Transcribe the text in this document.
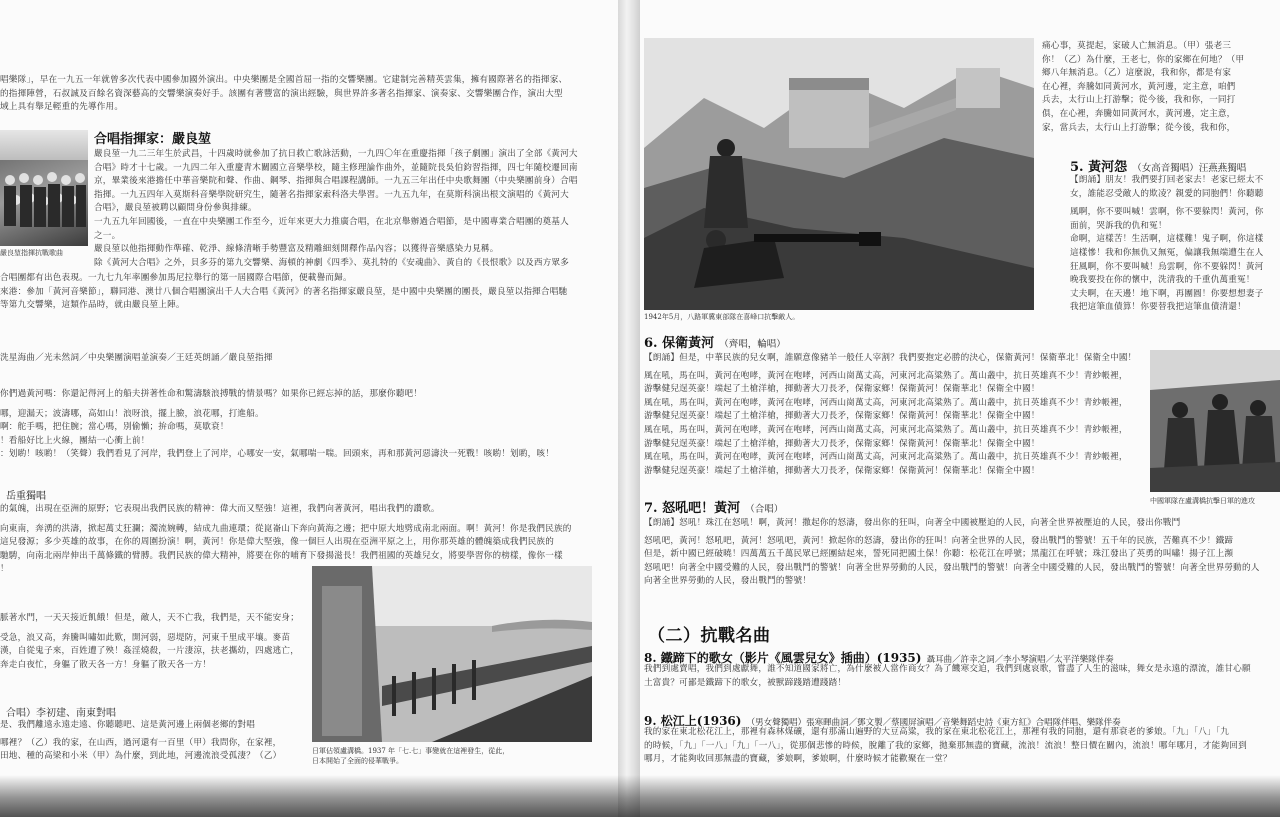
唱樂隊」，早在一九五一年就曾多次代表中國參加國外演出。中央樂團是全國首屈一指的交響樂團。它建制完善精英雲集，擁有國際著名的指揮家、
的指揮陣營，石叔誠及百餘名資深藝高的交響樂演奏好手。該團有著豐富的演出經驗，與世界許多著名指揮家、演奏家、交響樂團合作，演出大型
域上具有舉足輕重的先導作用。
嚴良堃指揮抗戰歌曲
合唱指揮家：嚴良堃
嚴良堃一九二三年生於武昌，十四歲時就參加了抗日救亡歌詠活動，一九四〇年在重慶指揮「孩子劇團」演出了全部《黃河大
合唱》時才十七歲。一九四二年入重慶青木關國立音樂學校，隨主修理論作曲外，並隨院長吳伯鈞習指揮，四七年隨校遷回南
京，畢業後來港擔任中華音樂院和聲、作曲、鋼琴、指揮與合唱課程講師。一九五三年出任中央歌舞團（中央樂團前身）合唱
指揮。一九五四年入莫斯科音樂學院研究生，隨著名指揮家索科洛夫學習。一九五九年，在莫斯科演出根文演唱的《黃河大
合唱》，嚴良堃被聘以顧問身份參與排練。
一九五九年回國後，一直在中央樂團工作至今，近年來更大力推廣合唱，在北京舉辦過合唱節，是中國專業合唱團的奠基人
之一。
嚴良堃以他指揮動作準確、乾淨、線條清晰手勢豐富及精雕細刻開釋作品內容；以獲得音樂感染力見稱。
除《黃河大合唱》之外，貝多芬的第九交響樂、海頓的神劇《四季》、莫扎特的《安魂曲》、黃自的《長恨歌》以及西方眾多
合唱團都有出色表現。一九七九年率團參加馬尼拉舉行的第一屆國際合唱節，便載譽而歸。
來港：參加「黃河音樂節」，聯同港、澳廿八個合唱團演出千人大合唱《黃河》的著名指揮家嚴良堃，是中國中央樂團的團長，嚴良堃以指揮合唱馳
等第九交響樂，這類作品時，就由嚴良堃上陣。
洗星海曲／光未然詞／中央樂團演唱並演奏／王廷英朗誦／嚴良堃指揮
你們過黃河嗎：你還記得河上的船夫拼著性命和驚濤駭浪搏戰的情景嗎？如果你已經忘掉的話，那麼你聽吧！
哪，迎漏天；波濤哪，高如山！浪呀浪，擺上臉，浪花哪，打進船。
啊：舵手嗎，把住腕；當心嗎，別偷懶；拚命嗎，莫歇衰！
！看船好比上火線，團結一心衝上前！
：划喲！咳喲！（笑聲）我們看見了河岸，我們登上了河岸，心哪安一安，氣哪喘一喘。回頭來，再和那黃河惡濤決一死戰！咳喲！划喲，咳！
岳重獨唱
的氣魄，出現在亞洲的原野；它表現出我們民族的精神：偉大而又堅強！這裡，我們向著黃河，唱出我們的讚歌。
向東南，奔湧的洪濤，掀起萬丈狂瀾；濁流婉轉，結成九曲連環；從崑崙山下奔向黃海之邊；把中原大地劈成南北兩面。啊！黃河！你是我們民族的
這兒發源；多少英雄的故事，在你的周圍扮演！啊，黃河！你是偉大堅強，像一個巨人出現在亞洲平原之上，用你那英雄的體魄築成我們民族的
馳騁，向南北兩岸伸出千萬條鐵的臂膊。我們民族的偉大精神，將要在你的哺育下發揚滋長！我們祖國的英雄兒女，將要學習你的榜樣，像你一樣
！
脈著水門，一天天接近飢餓！但是，敵人，天不亡我，我們是，天不能安身；
受急，浪又高，奔騰叫嘯如此歎，開河弱，惡堤防，河東千里成平壤。麥苗
漢，自從鬼子來，百姓遭了殃！姦淫燒殺，一片淒涼，扶老攜幼，四處逃亡，
奔走白夜忙，身軀了散天各一方！身軀了散天各一方！
合唱）李初建、南東對唱
是、我們離遠永遠走遠、你聽聽吧、這是黃河邊上兩個老鄉的對唱
哪裡？（乙）我的家，在山西，過河還有一百里（甲）我問你，在家裡，
田地、種的高梁和小米（甲）為什麼，到此地，河邊流浪受孤淒？（乙）
日軍佔領盧溝橋。1937 年「七.七」事變就在這裡發生，從此，
日本開始了全面的侵華戰爭。
1942年5月，八路軍冀東部隊在喜峰口抗擊敵人。
痛心事，莫提起，家破人亡無消息。（甲）張老三
你！（乙）為什麼，王老七，你的家鄉在何地？（甲
鄉八年無消息。（乙）這麼說，我和你，都是有家
在心裡，奔騰如同黃河水，黃河邊，定主意，咱們
兵去，太行山上打游擊；從今後，我和你，一同打
俱，在心裡，奔騰如同黃河水，黃河邊，定主意，
家，當兵去，太行山上打游擊；從今後，我和你，
5. 黃河怨 （女高音獨唱）汪燕燕獨唱
【朗誦】朋友！我們要打回老家去！老家已經太不
女，誰能忍受敵人的欺凌？親愛的同胞們！你聽聽
風啊，你不要叫喊！雲啊，你不要躲閃！黃河，你
面前，哭訴我的仇和冤！
命啊，這樣苦！生活啊，這樣難！鬼子啊，你這樣
這樣慘！我和你無仇又無冤，偏讓我無端遭生在人
狂風啊，你不要叫喊！烏雲啊，你不要躲閃！黃河
晚我要投在你的懷中，洗清我的千重仇萬重冤！
丈夫啊，在天邊！地下啊，再團圓！你要想想妻子
我把這筆血債算！你要替我把這筆血債清還！
6. 保衛黃河 （齊唱，輪唱）
【朗誦】但是，中華民族的兒女啊，誰願意像豬羊一般任人宰割？我們要抱定必勝的決心，保衛黃河！保衛華北！保衛全中國！
風在吼，馬在叫，黃河在咆哮，黃河在咆哮，河西山崗萬丈高，河東河北高粱熟了。萬山叢中，抗日英雄真不少！青紗帳裡，
游擊健兒逞英豪！端起了土槍洋槍，揮動著大刀長矛，保衛家鄉！保衛黃河！保衛華北！保衛全中國！
風在吼，馬在叫，黃河在咆哮，黃河在咆哮，河西山崗萬丈高，河東河北高粱熟了。萬山叢中，抗日英雄真不少！青紗帳裡，
游擊健兒逞英豪！端起了土槍洋槍，揮動著大刀長矛，保衛家鄉！保衛黃河！保衛華北！保衛全中國！
風在吼，馬在叫，黃河在咆哮，黃河在咆哮，河西山崗萬丈高，河東河北高粱熟了。萬山叢中，抗日英雄真不少！青紗帳裡，
游擊健兒逞英豪！端起了土槍洋槍，揮動著大刀長矛，保衛家鄉！保衛黃河！保衛華北！保衛全中國！
風在吼，馬在叫，黃河在咆哮，黃河在咆哮，河西山崗萬丈高，河東河北高粱熟了。萬山叢中，抗日英雄真不少！青紗帳裡，
游擊健兒逞英豪！端起了土槍洋槍，揮動著大刀長矛，保衛家鄉！保衛黃河！保衛華北！保衛全中國！
中國軍隊在盧溝橋抗擊日軍的進攻
7. 怒吼吧！黃河 （合唱）
【朗誦】怒吼！珠江在怒吼！啊，黃河！撒起你的怒濤，發出你的狂叫，向著全中國被壓迫的人民，向著全世界被壓迫的人民，發出你戰鬥
怒吼吧，黃河！怒吼吧，黃河！怒吼吧，黃河！掀起你的怒濤，發出你的狂叫！向著全世界的人民，發出戰鬥的警號！五千年的民族，苦難真不少！鐵蹄
但是，新中國已經破曉！四萬萬五千萬民眾已經團結起來，誓死同把國土保！你聽：松花江在呼號；黑龍江在呼號；珠江發出了英勇的叫嘯！揚子江上瀕
怒吼吧！向著全中國受難的人民，發出戰鬥的警號！向著全世界勞動的人民，發出戰鬥的警號！向著全中國受難的人民，發出戰鬥的警號！向著全世界勞動的人
向著全世界勞動的人民，發出戰鬥的警號！
（二）抗戰名曲
8. 鐵蹄下的歌女（影片《風雲兒女》插曲）(1935) 聶耳曲／許幸之詞／李小琴演唱／太平洋樂隊伴奏
我們到處賣唱，我們到處獻舞，誰不知道國家將亡，為什麼被人當作商女？為了饑寒交迫，我們到處哀歌，嘗盡了人生的滋味，舞女是永遠的漂流，誰甘心願
土富貴？可鄙是鐵蹄下的歌女，被獸蹄踐踏遭踐踏！
9. 松江上(1936) （男女聲獨唱）張寒暉曲詞／鄧文製／蔡國屏演唱／音樂舞蹈史詩《東方紅》合唱隊伴唱、樂隊伴奏
我的家在東北松花江上，那裡有森林煤礦，還有那滿山遍野的大豆高粱，我的家在東北松花江上，那裡有我的同胞，還有那衰老的爹娘。「九」「八」「九
的時候，「九」「一八」「九」「一八」，從那個悲慘的時候，脫離了我的家鄉，拋棄那無盡的寶藏，流浪！流浪！整日價在關內，流浪！哪年哪月，才能夠回到
哪月，才能夠收回那無盡的寶藏，爹娘啊，爹娘啊，什麼時候才能歡聚在一堂？
